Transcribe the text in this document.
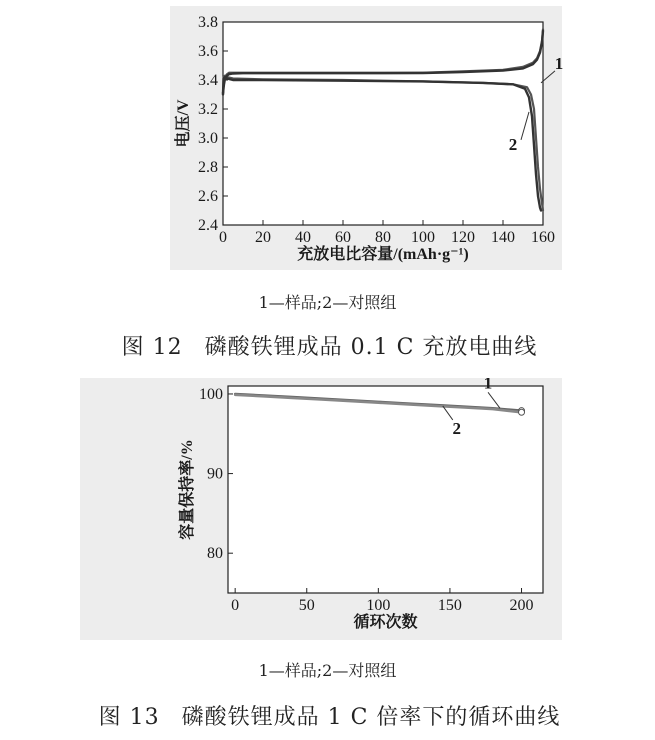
0 20 40 60 80 100 120 140 160
2.4
2.6
2.8
3.0
3.2
3.4
3.6
3.8
充放电比容量/(mAh·g⁻¹)
电压/V
1
2
1—样品;2—对照组
图 12 磷酸铁锂成品 0.1 C 充放电曲线
0	50	100	150	200
80
90
100
循环次数
容量保持率/%
1
2
1—样品;2—对照组
图 13 磷酸铁锂成品 1 C 倍率下的循环曲线
